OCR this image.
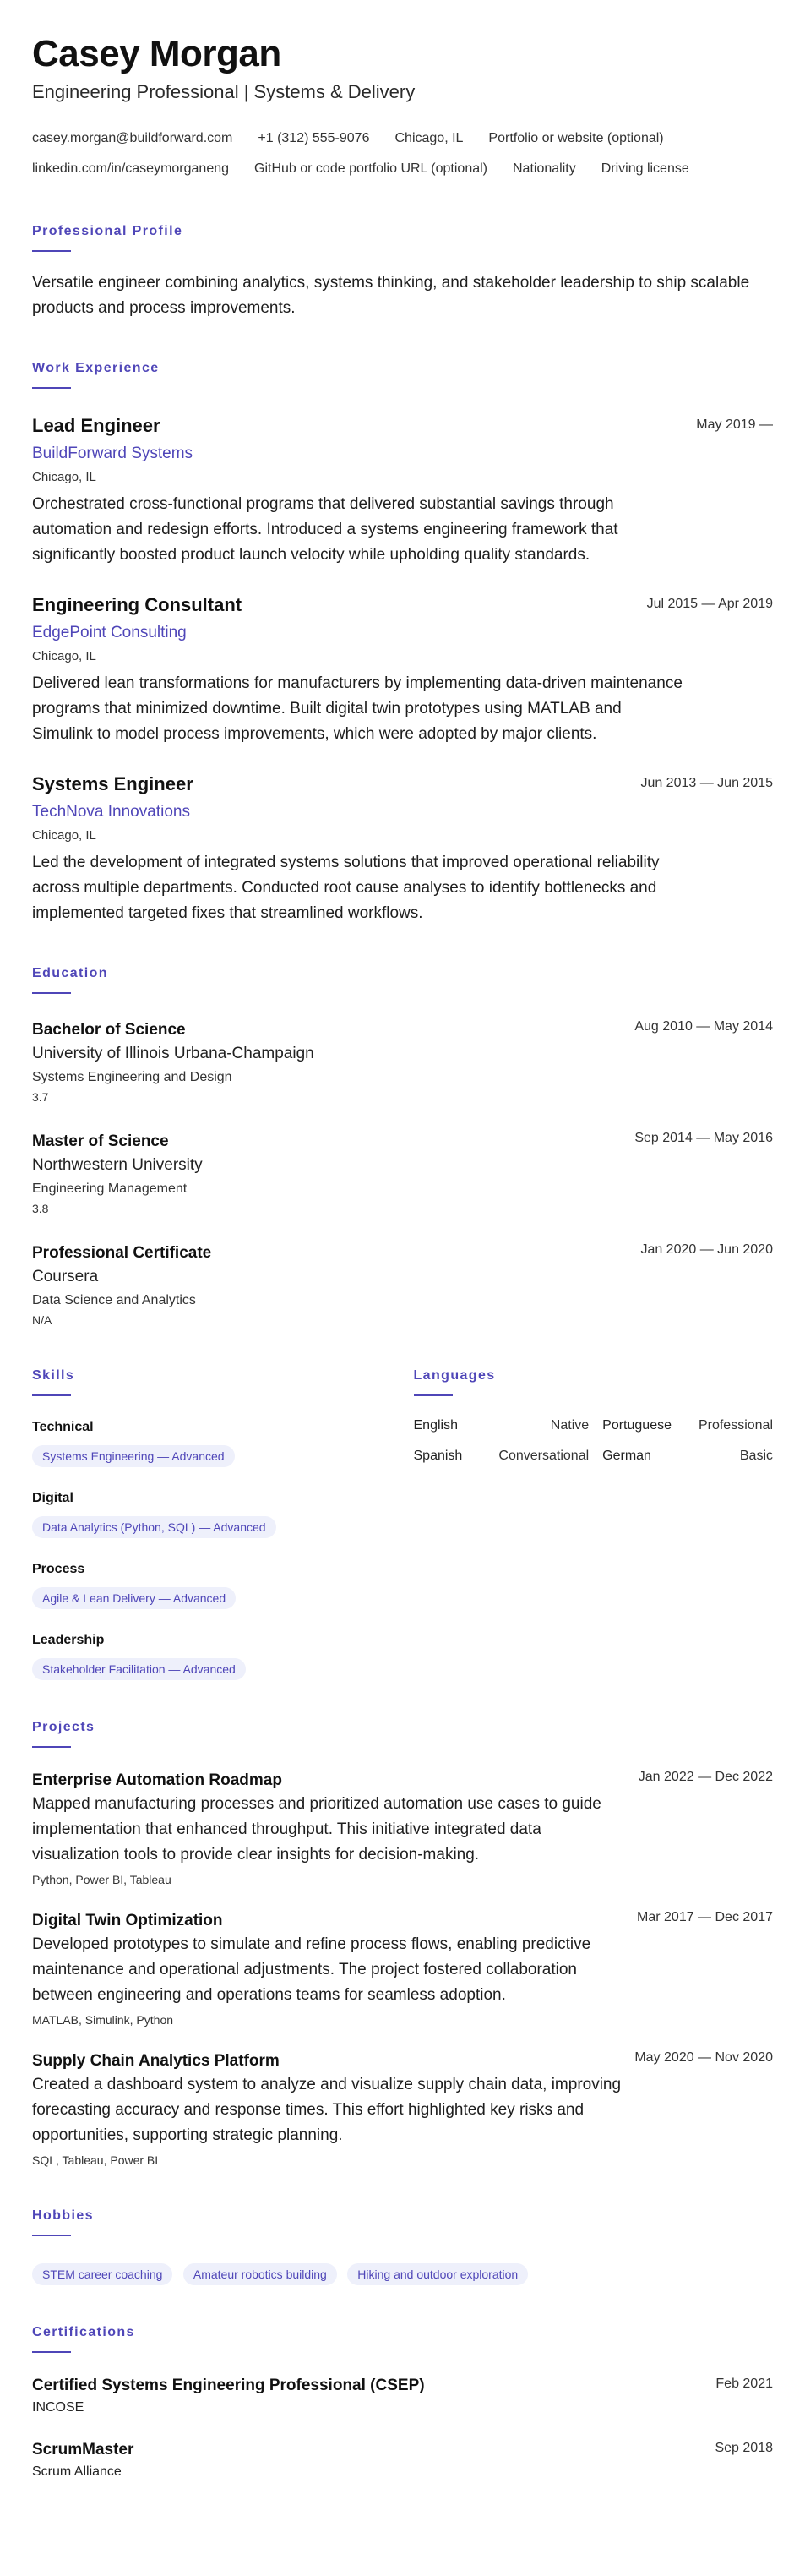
Casey Morgan
Engineering Professional | Systems & Delivery
casey.morgan@buildforward.com +1 (312) 555-9076 Chicago, IL Portfolio or website (optional)
linkedin.com/in/caseymorganeng GitHub or code portfolio URL (optional) Nationality Driving license
Professional Profile
Versatile engineer combining analytics, systems thinking, and stakeholder leadership to ship scalable products and process improvements.
Work Experience
May 2019 —
Lead Engineer
BuildForward Systems
Chicago, IL
Orchestrated cross-functional programs that delivered substantial savings through automation and redesign efforts. Introduced a systems engineering framework that significantly boosted product launch velocity while upholding quality standards.
Jul 2015 — Apr 2019
Engineering Consultant
EdgePoint Consulting
Chicago, IL
Delivered lean transformations for manufacturers by implementing data-driven maintenance programs that minimized downtime. Built digital twin prototypes using MATLAB and Simulink to model process improvements, which were adopted by major clients.
Jun 2013 — Jun 2015
Systems Engineer
TechNova Innovations
Chicago, IL
Led the development of integrated systems solutions that improved operational reliability across multiple departments. Conducted root cause analyses to identify bottlenecks and implemented targeted fixes that streamlined workflows.
Education
Aug 2010 — May 2014
Bachelor of Science
University of Illinois Urbana-Champaign
Systems Engineering and Design
3.7
Sep 2014 — May 2016
Master of Science
Northwestern University
Engineering Management
3.8
Jan 2020 — Jun 2020
Professional Certificate
Coursera
Data Science and Analytics
N/A
Skills
Technical
Systems Engineering — Advanced
Digital
Data Analytics (Python, SQL) — Advanced
Process
Agile & Lean Delivery — Advanced
Leadership
Stakeholder Facilitation — Advanced
Languages
English	Native	Portuguese	Professional
Spanish	Conversational	German	Basic
Projects
Jan 2022 — Dec 2022
Enterprise Automation Roadmap
Mapped manufacturing processes and prioritized automation use cases to guide implementation that enhanced throughput. This initiative integrated data visualization tools to provide clear insights for decision-making.
Python, Power BI, Tableau
Mar 2017 — Dec 2017
Digital Twin Optimization
Developed prototypes to simulate and refine process flows, enabling predictive maintenance and operational adjustments. The project fostered collaboration between engineering and operations teams for seamless adoption.
MATLAB, Simulink, Python
May 2020 — Nov 2020
Supply Chain Analytics Platform
Created a dashboard system to analyze and visualize supply chain data, improving forecasting accuracy and response times. This effort highlighted key risks and opportunities, supporting strategic planning.
SQL, Tableau, Power BI
Hobbies
STEM career coaching	Amateur robotics building	Hiking and outdoor exploration
Certifications
Feb 2021
Certified Systems Engineering Professional (CSEP)
INCOSE
Sep 2018
ScrumMaster
Scrum Alliance
